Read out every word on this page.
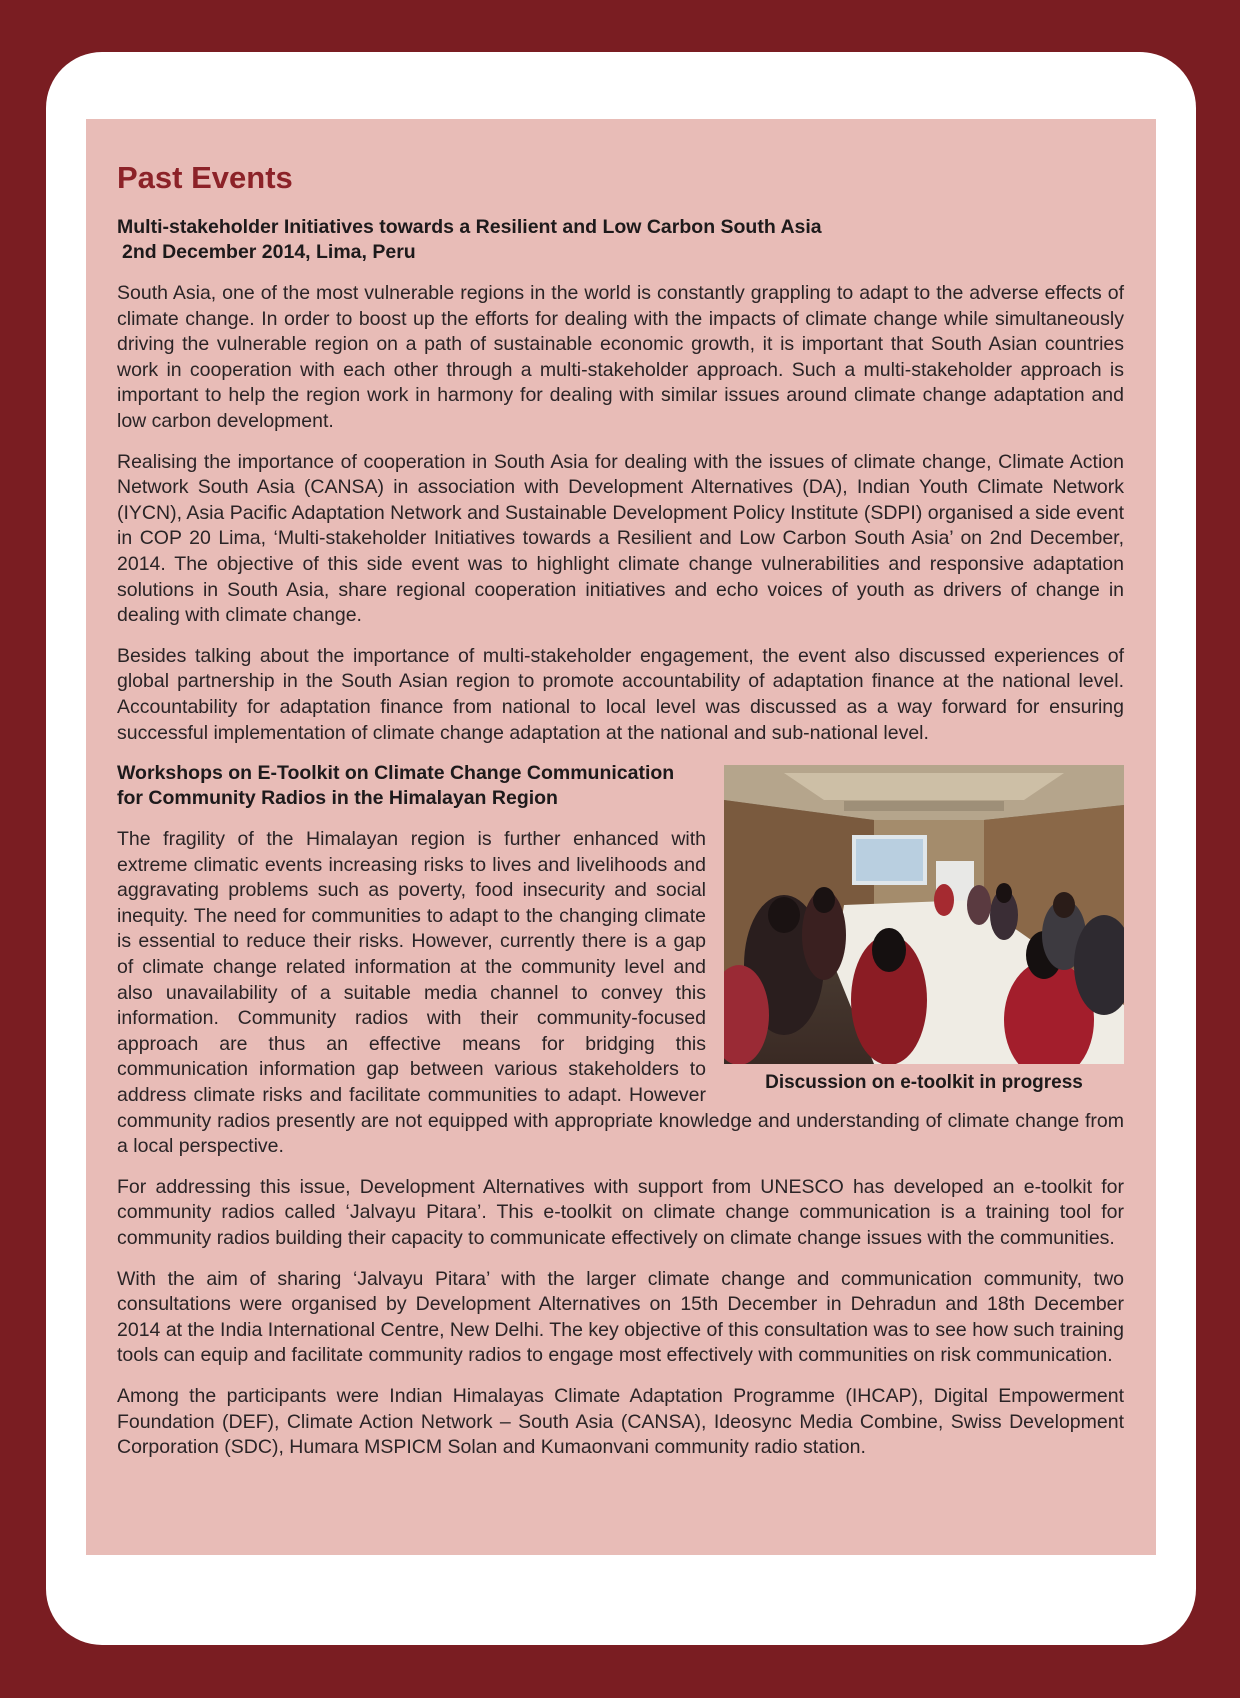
Past Events
Multi-stakeholder Initiatives towards a Resilient and Low Carbon South Asia
2nd December 2014, Lima, Peru

South Asia, one of the most vulnerable regions in the world is constantly grappling to adapt to the adverse effects of climate change. In order to boost up the efforts for dealing with the impacts of climate change while simultaneously driving the vulnerable region on a path of sustainable economic growth, it is important that South Asian countries work in cooperation with each other through a multi-stakeholder approach. Such a multi-stakeholder approach is important to help the region work in harmony for dealing with similar issues around climate change adaptation and low carbon development.

Realising the importance of cooperation in South Asia for dealing with the issues of climate change, Climate Action Network South Asia (CANSA) in association with Development Alternatives (DA), Indian Youth Climate Network (IYCN), Asia Pacific Adaptation Network and Sustainable Development Policy Institute (SDPI) organised a side event in COP 20 Lima, ‘Multi-stakeholder Initiatives towards a Resilient and Low Carbon South Asia’ on 2nd December, 2014. The objective of this side event was to highlight climate change vulnerabilities and responsive adaptation solutions in South Asia, share regional cooperation initiatives and echo voices of youth as drivers of change in dealing with climate change.

Besides talking about the importance of multi-stakeholder engagement, the event also discussed experiences of global partnership in the South Asian region to promote accountability of adaptation finance at the national level. Accountability for adaptation finance from national to local level was discussed as a way forward for ensuring successful implementation of climate change adaptation at the national and sub-national level.

Discussion on e-toolkit in progress
Workshops on E-Toolkit on Climate Change Communication
for Community Radios in the Himalayan Region

The fragility of the Himalayan region is further enhanced with extreme climatic events increasing risks to lives and livelihoods and aggravating problems such as poverty, food insecurity and social inequity. The need for communities to adapt to the changing climate is essential to reduce their risks. However, currently there is a gap of climate change related information at the community level and also unavailability of a suitable media channel to convey this information. Community radios with their community-focused approach are thus an effective means for bridging this communication information gap between various stakeholders to address climate risks and facilitate communities to adapt. However community radios presently are not equipped with appropriate knowledge and understanding of climate change from a local perspective.

For addressing this issue, Development Alternatives with support from UNESCO has developed an e-toolkit for community radios called ‘Jalvayu Pitara’. This e-toolkit on climate change communication is a training tool for community radios building their capacity to communicate effectively on climate change issues with the communities.

With the aim of sharing ‘Jalvayu Pitara’ with the larger climate change and communication community, two consultations were organised by Development Alternatives on 15th December in Dehradun and 18th December 2014 at the India International Centre, New Delhi. The key objective of this consultation was to see how such training tools can equip and facilitate community radios to engage most effectively with communities on risk communication.

Among the participants were Indian Himalayas Climate Adaptation Programme (IHCAP), Digital Empowerment Foundation (DEF), Climate Action Network – South Asia (CANSA), Ideosync Media Combine, Swiss Development Corporation (SDC), Humara MSPICM Solan and Kumaonvani community radio station.
